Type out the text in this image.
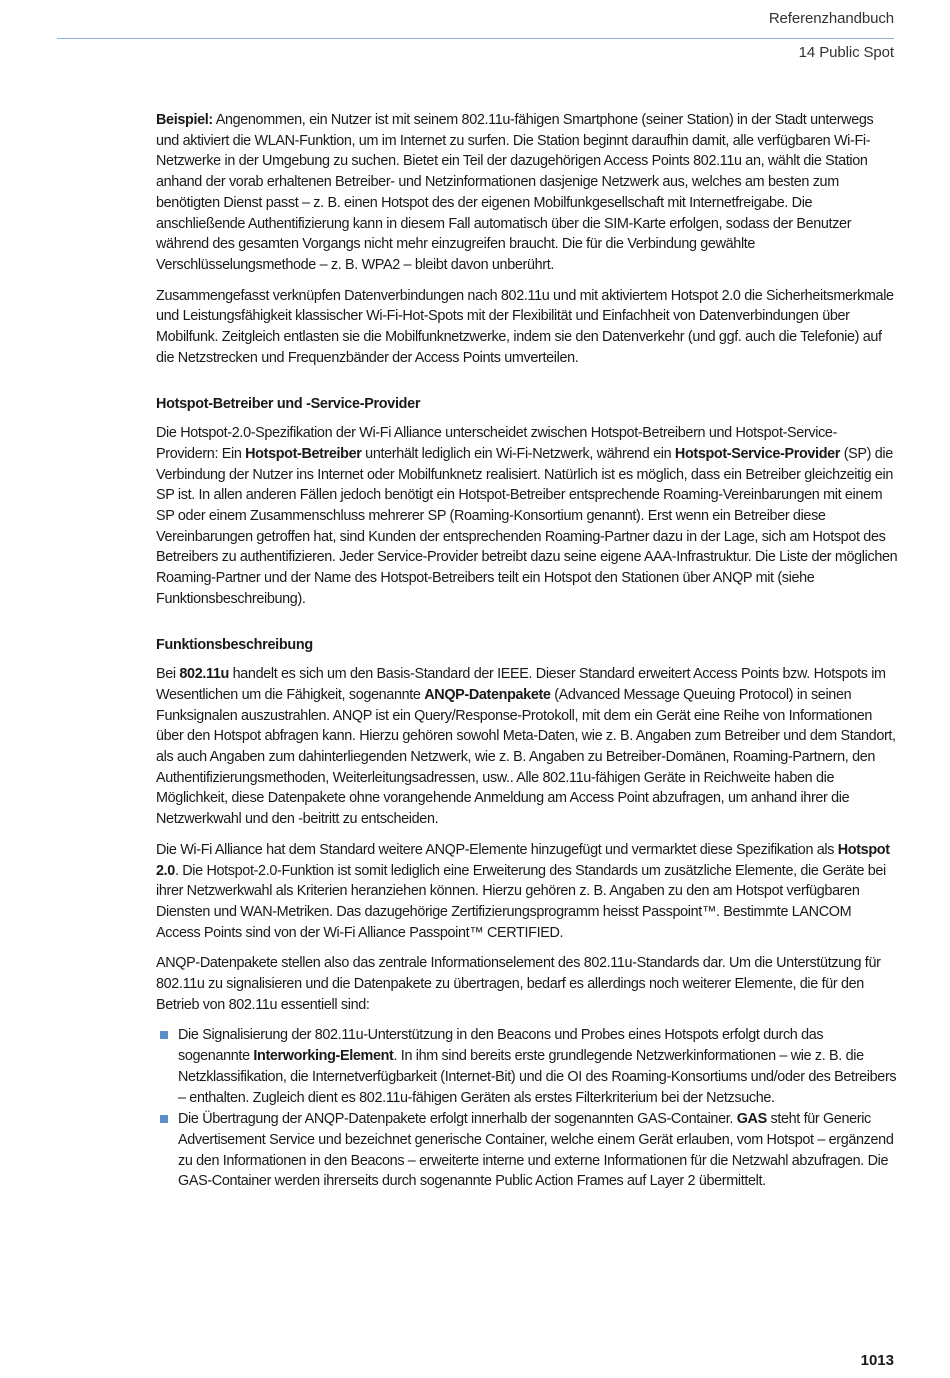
Referenzhandbuch
14 Public Spot

Beispiel: Angenommen, ein Nutzer ist mit seinem 802.11u-fähigen Smartphone (seiner Station) in der Stadt unterwegs und aktiviert die WLAN-Funktion, um im Internet zu surfen. Die Station beginnt daraufhin damit, alle verfügbaren Wi-Fi-Netzwerke in der Umgebung zu suchen. Bietet ein Teil der dazugehörigen Access Points 802.11u an, wählt die Station anhand der vorab erhaltenen Betreiber- und Netzinformationen dasjenige Netzwerk aus, welches am besten zum benötigten Dienst passt – z. B. einen Hotspot des der eigenen Mobilfunkgesellschaft mit Internetfreigabe. Die anschließende Authentifizierung kann in diesem Fall automatisch über die SIM-Karte erfolgen, sodass der Benutzer während des gesamten Vorgangs nicht mehr einzugreifen braucht. Die für die Verbindung gewählte Verschlüsselungsmethode – z. B. WPA2 – bleibt davon unberührt.

Zusammengefasst verknüpfen Datenverbindungen nach 802.11u und mit aktiviertem Hotspot 2.0 die Sicherheitsmerkmale und Leistungsfähigkeit klassischer Wi-Fi-Hot-Spots mit der Flexibilität und Einfachheit von Datenverbindungen über Mobilfunk. Zeitgleich entlasten sie die Mobilfunknetzwerke, indem sie den Datenverkehr (und ggf. auch die Telefonie) auf die Netzstrecken und Frequenzbänder der Access Points umverteilen.

Hotspot-Betreiber und -Service-Provider

Die Hotspot-2.0-Spezifikation der Wi-Fi Alliance unterscheidet zwischen Hotspot-Betreibern und Hotspot-Service-Providern: Ein Hotspot-Betreiber unterhält lediglich ein Wi-Fi-Netzwerk, während ein Hotspot-Service-Provider (SP) die Verbindung der Nutzer ins Internet oder Mobilfunknetz realisiert. Natürlich ist es möglich, dass ein Betreiber gleichzeitig ein SP ist. In allen anderen Fällen jedoch benötigt ein Hotspot-Betreiber entsprechende Roaming-Vereinbarungen mit einem SP oder einem Zusammenschluss mehrerer SP (Roaming-Konsortium genannt). Erst wenn ein Betreiber diese Vereinbarungen getroffen hat, sind Kunden der entsprechenden Roaming-Partner dazu in der Lage, sich am Hotspot des Betreibers zu authentifizieren. Jeder Service-Provider betreibt dazu seine eigene AAA-Infrastruktur. Die Liste der möglichen Roaming-Partner und der Name des Hotspot-Betreibers teilt ein Hotspot den Stationen über ANQP mit (siehe Funktionsbeschreibung).

Funktionsbeschreibung

Bei 802.11u handelt es sich um den Basis-Standard der IEEE. Dieser Standard erweitert Access Points bzw. Hotspots im Wesentlichen um die Fähigkeit, sogenannte ANQP-Datenpakete (Advanced Message Queuing Protocol) in seinen Funksignalen auszustrahlen. ANQP ist ein Query/Response-Protokoll, mit dem ein Gerät eine Reihe von Informationen über den Hotspot abfragen kann. Hierzu gehören sowohl Meta-Daten, wie z. B. Angaben zum Betreiber und dem Standort, als auch Angaben zum dahinterliegenden Netzwerk, wie z. B. Angaben zu Betreiber-Domänen, Roaming-Partnern, den Authentifizierungsmethoden, Weiterleitungsadressen, usw.. Alle 802.11u-fähigen Geräte in Reichweite haben die Möglichkeit, diese Datenpakete ohne vorangehende Anmeldung am Access Point abzufragen, um anhand ihrer die Netzwerkwahl und den -beitritt zu entscheiden.

Die Wi-Fi Alliance hat dem Standard weitere ANQP-Elemente hinzugefügt und vermarktet diese Spezifikation als Hotspot 2.0. Die Hotspot-2.0-Funktion ist somit lediglich eine Erweiterung des Standards um zusätzliche Elemente, die Geräte bei ihrer Netzwerkwahl als Kriterien heranziehen können. Hierzu gehören z. B. Angaben zu den am Hotspot verfügbaren Diensten und WAN-Metriken. Das dazugehörige Zertifizierungsprogramm heisst Passpoint™. Bestimmte LANCOM Access Points sind von der Wi-Fi Alliance Passpoint™ CERTIFIED.

ANQP-Datenpakete stellen also das zentrale Informationselement des 802.11u-Standards dar. Um die Unterstützung für 802.11u zu signalisieren und die Datenpakete zu übertragen, bedarf es allerdings noch weiterer Elemente, die für den Betrieb von 802.11u essentiell sind:

Die Signalisierung der 802.11u-Unterstützung in den Beacons und Probes eines Hotspots erfolgt durch das sogenannte Interworking-Element. In ihm sind bereits erste grundlegende Netzwerkinformationen – wie z. B. die Netzklassifikation, die Internetverfügbarkeit (Internet-Bit) und die OI des Roaming-Konsortiums und/oder des Betreibers – enthalten. Zugleich dient es 802.11u-fähigen Geräten als erstes Filterkriterium bei der Netzsuche.
Die Übertragung der ANQP-Datenpakete erfolgt innerhalb der sogenannten GAS-Container. GAS steht für Generic Advertisement Service und bezeichnet generische Container, welche einem Gerät erlauben, vom Hotspot – ergänzend zu den Informationen in den Beacons – erweiterte interne und externe Informationen für die Netzwahl abzufragen. Die GAS-Container werden ihrerseits durch sogenannte Public Action Frames auf Layer 2 übermittelt.
1013
